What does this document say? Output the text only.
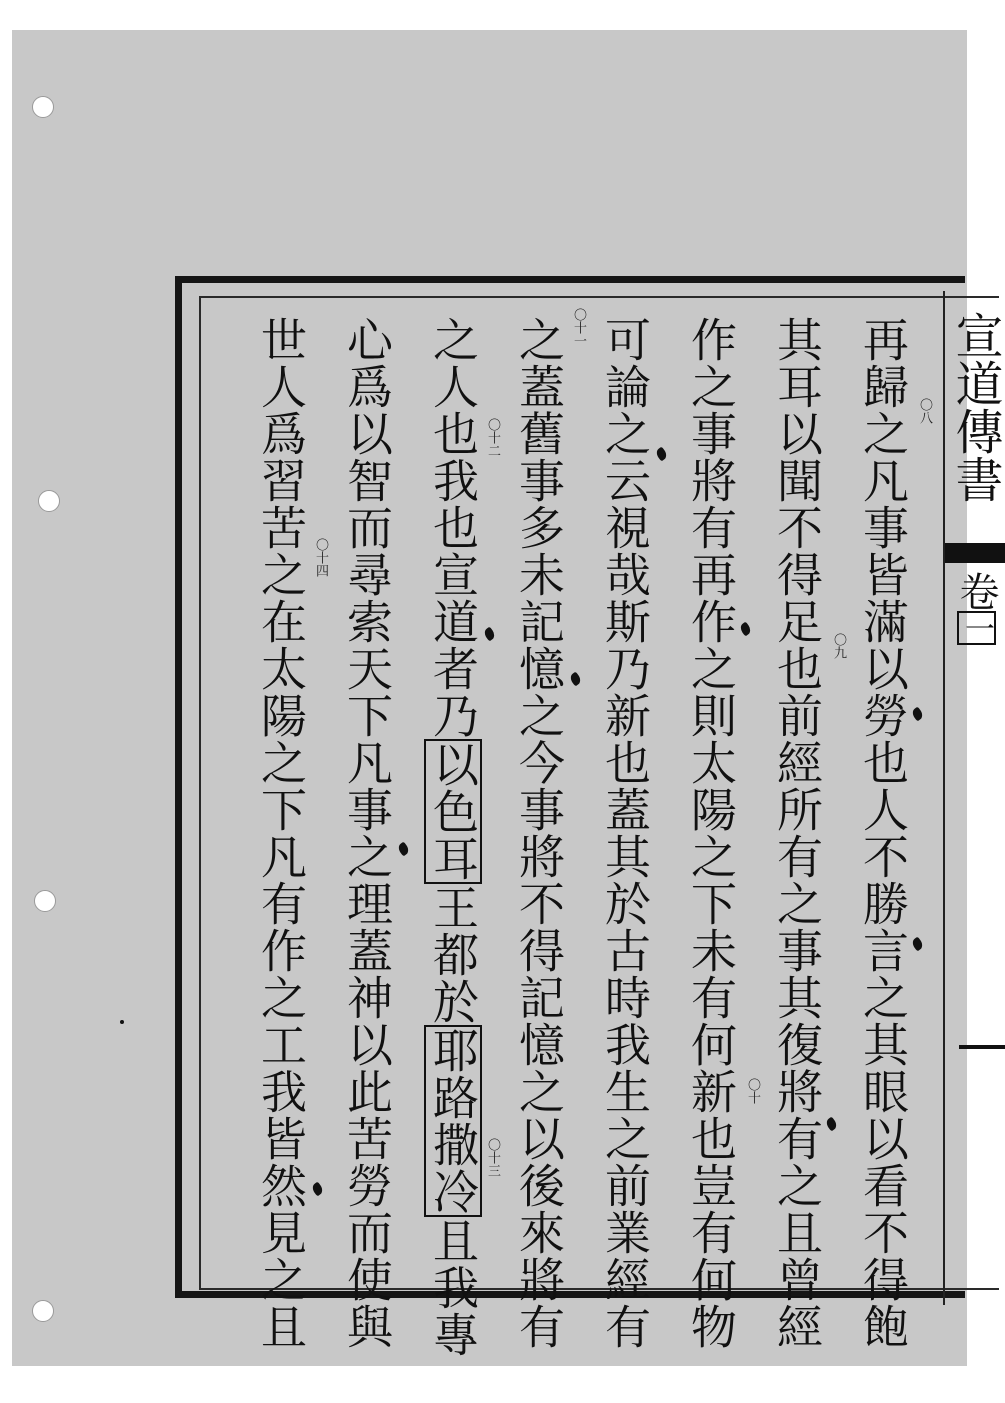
再歸之凡事皆滿以勞也人不勝言之其眼以看不得飽
其耳以聞不得足也前經所有之事其復將有之且曾經
作之事將有再作之則太陽之下未有何新也豈有何物
可論之云視哉斯乃新也蓋其於古時我生之前業經有
之蓋舊事多未記憶之今事將不得記憶之以後來將有
之人也我也宣道者乃以色耳王都於耶路撒冷且我專
心爲以智而尋索天下凡事之理蓋神以此苦勞而使與
世人爲習苦之在太陽之下凡有作之工我皆然見之且	〇八
〇九
〇十
〇十一
〇十二
〇十三
〇十四
宣道傳書
卷一
